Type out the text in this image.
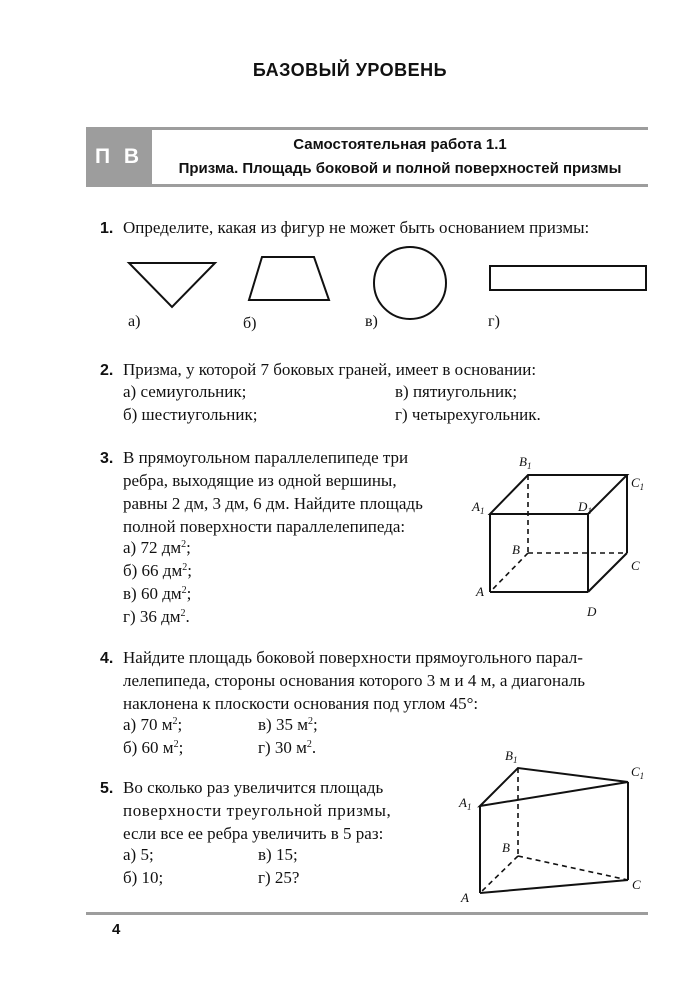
БАЗОВЫЙ УРОВЕНЬ
П В
Самостоятельная работа 1.1
Призма. Площадь боковой и полной поверхностей призмы
1. Определите, какая из фигур не может быть основанием призмы:
а)	б)	в)	г)
2. Призма, у которой 7 боковых граней, имеет в основании:
а) семиугольник;	в) пятиугольник;
б) шестиугольник;	г) четырехугольник.
3. В прямоугольном параллелепипеде три
ребра, выходящие из одной вершины,
равны 2 дм, 3 дм, 6 дм. Найдите площадь
полной поверхности параллелепипеда:
а) 72 $дм^2$;
б) 66 $дм^2$;
в) 60 $дм^2$;
г) 36 $дм^2$.
$B_1$
$C_1$
$A_1$	$D_1$
B
C
A
D
4. Найдите площадь боковой поверхности прямоугольного парал-
лелепипеда, стороны основания которого 3 м и 4 м, а диагональ
наклонена к плоскости основания под углом 45°:
а) 70 $м^2$;	в) 35 $м^2$;
б) 60 $м^2$;	г) 30 $м^2$.
5. Во сколько раз увеличится площадь
поверхности треугольной призмы,
если все ее ребра увеличить в 5 раз:
а) 5;	в) 15;
б) 10;	г) 25?
$B_1$
$C_1$
$A_1$
B
C
A
4
